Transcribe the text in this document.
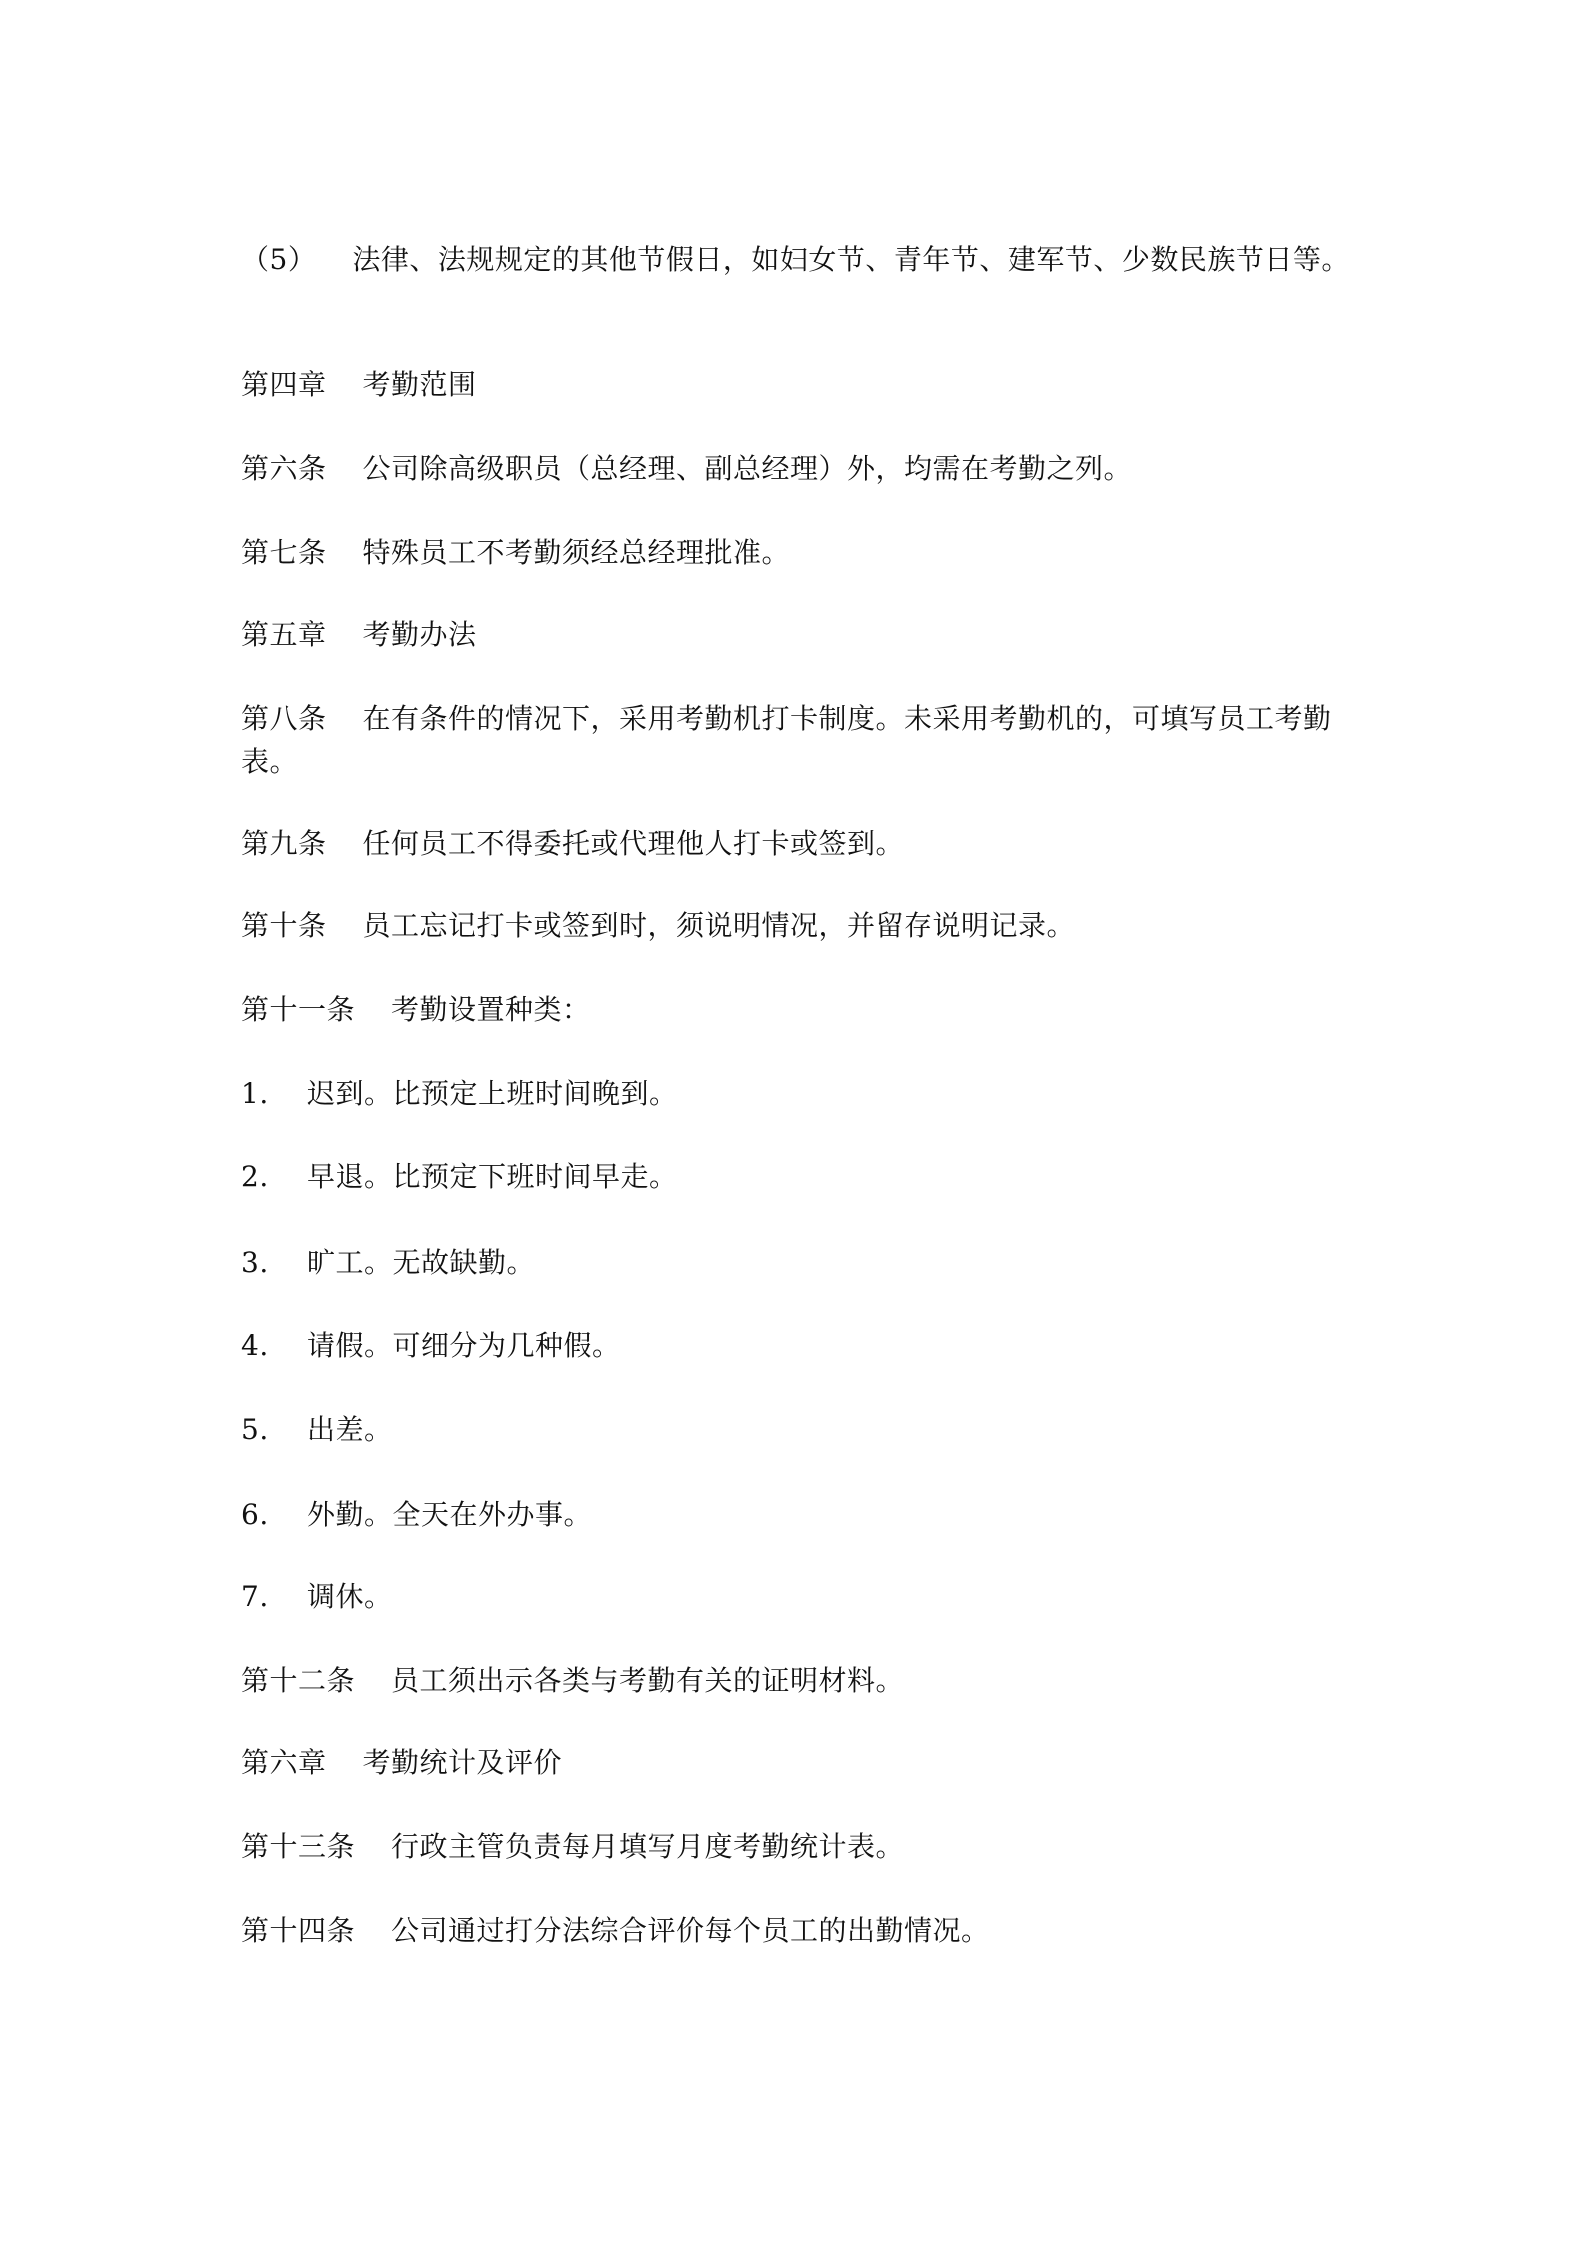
（5） 法律、法规规定的其他节假日，如妇女节、青年节、建军节、少数民族节日等。

第四章 考勤范围

第六条 公司除高级职员（总经理、副总经理）外，均需在考勤之列。

第七条 特殊员工不考勤须经总经理批准。

第五章 考勤办法

第八条 在有条件的情况下，采用考勤机打卡制度。未采用考勤机的，可填写员工考勤表。

第九条 任何员工不得委托或代理他人打卡或签到。

第十条 员工忘记打卡或签到时，须说明情况，并留存说明记录。

第十一条 考勤设置种类：

1. 迟到。比预定上班时间晚到。

2. 早退。比预定下班时间早走。

3. 旷工。无故缺勤。

4. 请假。可细分为几种假。

5. 出差。

6. 外勤。全天在外办事。

7. 调休。

第十二条 员工须出示各类与考勤有关的证明材料。

第六章 考勤统计及评价

第十三条 行政主管负责每月填写月度考勤统计表。

第十四条 公司通过打分法综合评价每个员工的出勤情况。
